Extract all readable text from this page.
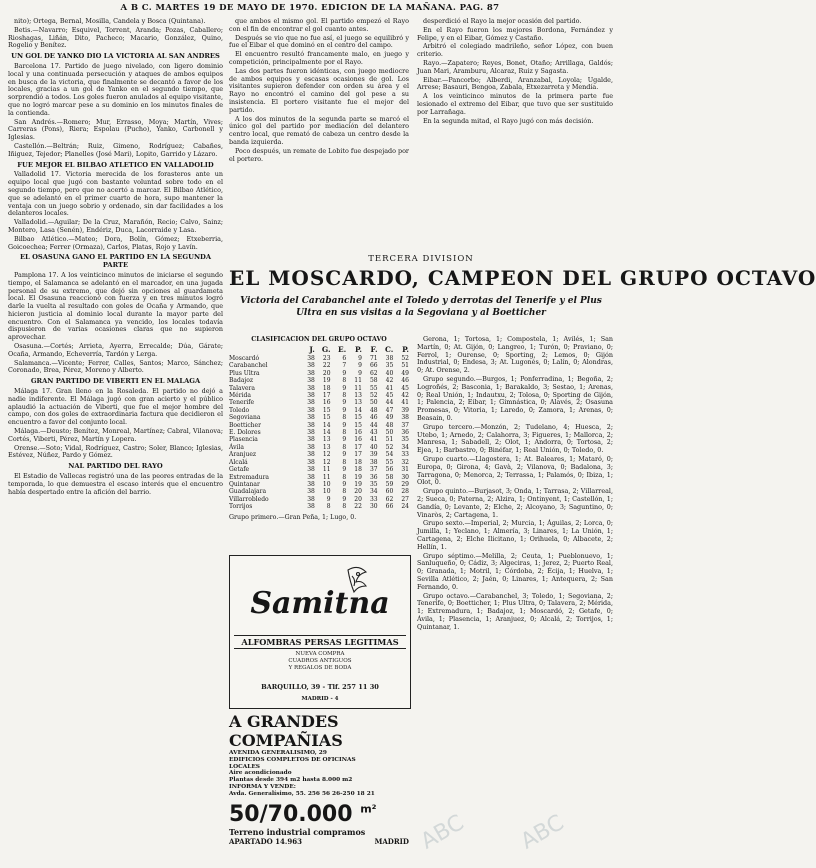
A B C. MARTES 19 DE MAYO DE 1970. EDICION DE LA MAÑANA. PAG. 87

nito); Ortega, Bernal, Mosilla, Candela y Bosca (Quintana).

Betis.—Navarro; Esquivel, Torrent, Aranda; Pozas, Caballero; Rioshagas, Liñán, Dito, Pacheco; Macario, González, Quino, Rogelio y Benítez.

UN GOL DE YANKO DIO LA VICTORIA AL SAN ANDRES

Barcelona 17. Partido de juego nivelado, con ligero dominio local y una continuada persecución y ataques de ambos equipos en busca de la victoria, que finalmente se decantó a favor de los locales, gracias a un gol de Yanko en el segundo tiempo, que sorprendió a todos. Los goles fueron anulados al equipo visitante, que no logró marcar pese a su dominio en los minutos finales de la contienda.

San Andrés.—Romero; Mur, Errasso, Moya; Martín, Vives; Carreras (Pons), Riera; Espolau (Pucho), Yanko, Carbonell y Iglesias.

Castellón.—Beltrán; Ruiz, Gimeno, Rodríguez; Cabañes, Iñiguez, Tejedor; Planelles (José Mari), Lopito, Garrido y Lázaro.

FUE MEJOR EL BILBAO ATLETICO EN VALLADOLID

Valladolid 17. Victoria merecida de los forasteros ante un equipo local que jugó con bastante voluntad sobre todo en el segundo tiempo, pero que no acertó a marcar. El Bilbao Atlético, que se adelantó en el primer cuarto de hora, supo mantener la ventaja con un juego sobrio y ordenado, sin dar facilidades a los delanteros locales.

Valladolid.—Aguilar; De la Cruz, Marañón, Recio; Calvo, Sainz; Montero, Lasa (Senén), Endériz, Duca, Lacorraide y Lasa.

Bilbao Atlético.—Mateo; Dora, Bolín, Gómez; Etxeberria, Goicoechea; Ferrer (Ormaza), Carlos, Platas, Rojo y Lavín.

EL OSASUNA GANO EL PARTIDO EN LA SEGUNDA PARTE

Pamplona 17. A los veinticinco minutos de iniciarse el segundo tiempo, el Salamanca se adelantó en el marcador, en una jugada personal de su extremo, que dejó sin opciones al guardameta local. El Osasuna reaccionó con fuerza y en tres minutos logró darle la vuelta al resultado con goles de Ocaña y Armando, que hicieron justicia al dominio local durante la mayor parte del encuentro. Con el Salamanca ya vencido, los locales todavía dispusieron de varias ocasiones claras que no supieron aprovechar.

Osasuna.—Cortés; Arrieta, Ayerra, Errecalde; Dúa, Gárate; Ocaña, Armando, Echeverría, Tardón y Lerga.

Salamanca.—Vicente; Ferrer, Calles, Santos; Marco, Sánchez; Coronado, Brea, Pérez, Moreno y Alberto.

GRAN PARTIDO DE VIBERTI EN EL MALAGA

Málaga 17. Gran lleno en la Rosaleda. El partido no dejó a nadie indiferente. El Málaga jugó con gran acierto y el público aplaudió la actuación de Viberti, que fue el mejor hombre del campo, con dos goles de extraordinaria factura que decidieron el encuentro a favor del conjunto local.

Málaga.—Deusto; Benítez, Monreal, Martínez; Cabral, Vilanova; Cortés, Viberti, Pérez, Martín y Lopera.

Orense.—Soto; Vidal, Rodríguez, Castro; Soler, Blanco; Iglesias, Estévez, Núñez, Pardo y Gómez.

NAL PARTIDO DEL RAYO

El Estadio de Vallecas registró una de las peores entradas de la temporada, lo que demuestra el escaso interés que el encuentro había despertado entre la afición del barrio.

que ambos el mismo gol. El partido empezó el Rayo con el fin de encontrar el gol cuanto antes.

Después se vio que no fue así, el juego se equilibró y fue el Eibar el que dominó en el centro del campo.

El encuentro resultó francamente malo, en juego y competición, principalmente por el Rayo.

Las dos partes fueron idénticas, con juego mediocre de ambos equipos y escasas ocasiones de gol. Los visitantes supieron defender con orden su área y el Rayo no encontró el camino del gol pese a su insistencia. El portero visitante fue el mejor del partido.

A los dos minutos de la segunda parte se marcó el único gol del partido por mediación del delantero centro local, que remató de cabeza un centro desde la banda izquierda.

Poco después, un remate de Lobito fue despejado por el portero.

desperdició el Rayo la mejor ocasión del partido.

En el Rayo fueron los mejores Bordona, Fernández y Felipe, y en el Eibar, Gómez y Castaño.

Arbitró el colegiado madrileño, señor López, con buen criterio.

Rayo.—Zapatero; Reyes, Bonet, Otaño; Arrillaga, Galdós; Juan Mari, Aramburu, Alcaraz, Ruiz y Sagasta.

Eibar.—Pancorbo; Alberdi, Aranzabal, Loyola; Ugalde, Arrese; Basauri, Bengoa, Zabala, Etxezarreta y Mendía.

A los veinticinco minutos de la primera parte fue lesionado el extremo del Eibar, que tuvo que ser sustituido por Larrañaga.

En la segunda mitad, el Rayo jugó con más decisión.

TERCERA DIVISION
EL MOSCARDO, CAMPEON DEL GRUPO OCTAVO
Victoria del Carabanchel ante el Toledo y derrotas del Tenerife y el Plus Ultra en sus visitas a la Segoviana y al Boetticher
CLASIFICACION DEL GRUPO OCTAVO
J. G.	E.	P.	F. C.	P.
Moscardó	38	23	6	9	71	38	52
Carabanchel	38	22	7	9	66	35	51
Plus Ultra	38	20	9	9	62	40	49
Badajoz	38	19	8	11	58	42	46
Talavera	38	18	9	11	55	41	45
Mérida	38	17	8	13	52	45	42
Tenerife	38	16	9	13	50	44	41
Toledo	38	15	9	14	48	47	39
Segoviana	38	15	8	15	46	49	38
Boetticher	38	14	9	15	44	48	37
E. Dolores	38	14	8	16	43	50	36
Plasencia	38	13	9	16	41	51	35
Ávila	38	13	8	17	40	52	34
Aranjuez	38	12	9	17	39	54	33
Alcalá	38	12	8	18	38	55	32
Getafe	38	11	9	18	37	56	31
Extremadura	38	11	8	19	36	58	30
Quintanar	38	10	9	19	35	59	29
Guadalajara	38	10	8	20	34	60	28
Villarrobledo	38	9	9	20	33	62	27
Torrijos	38	8	8	22	30	66	24
Grupo primero.—Gran Peña, 1; Lugo, 0.

Gerona, 1; Tortosa, 1; Compostela, 1; Avilés, 1; San Martín, 0; At. Gijón, 0; Langreo, 1; Turón, 0; Praviano, 0; Ferrol, 1; Ourense, 0; Sporting, 2; Lemos, 0; Gijón Industrial, 0; Endesa, 3; At. Lugonés, 0; Lalín, 0; Alondras, 0; At. Orense, 2.

Grupo segundo.—Burgos, 1; Ponferradina, 1; Begoña, 2; Logroñés, 2; Basconia, 1; Barakaldo, 3; Sestao, 1; Arenas, 0; Real Unión, 1; Indautxu, 2; Tolosa, 0; Sporting de Gijón, 1; Palencia, 2; Eibar, 1; Gimnástica, 0; Alavés, 2; Osasuna Promesas, 0; Vitoria, 1; Laredo, 0; Zamora, 1; Arenas, 0; Beasain, 0.

Grupo tercero.—Monzón, 2; Tudelano, 4; Huesca, 2; Utebo, 1; Arnedo, 2; Calahorra, 3; Figueres, 1; Mallorca, 2; Manresa, 1; Sabadell, 2; Olot, 1; Andorra, 0; Tortosa, 2; Ejea, 1; Barbastro, 0; Binéfar, 1; Real Unión, 0; Toledo, 0.

Grupo cuarto.—Llagostera, 1; At. Baleares, 1; Mataró, 0; Europa, 0; Girona, 4; Gavà, 2; Vilanova, 0; Badalona, 3; Tarragona, 0; Menorca, 2; Terrassa, 1; Palamós, 0; Ibiza, 1; Olot, 0.

Grupo quinto.—Burjasot, 3; Onda, 1; Tarrasa, 2; Villarreal, 2; Sueca, 0; Paterna, 2; Alzira, 1; Ontinyent, 1; Castellón, 1; Gandía, 0; Levante, 2; Elche, 2; Alcoyano, 3; Saguntino, 0; Vinaròs, 2; Cartagena, 1.

Grupo sexto.—Imperial, 2; Murcia, 1; Águilas, 2; Lorca, 0; Jumilla, 1; Yeclano, 1; Almería, 3; Linares, 1; La Unión, 1; Cartagena, 2; Elche Ilicitano, 1; Orihuela, 0; Albacete, 2; Hellín, 1.

Grupo séptimo.—Melilla, 2; Ceuta, 1; Pueblonuevo, 1; Sanluqueño, 0; Cádiz, 3; Algeciras, 1; Jerez, 2; Puerto Real, 0; Granada, 1; Motril, 1; Córdoba, 2; Écija, 1; Huelva, 1; Sevilla Atlético, 2; Jaén, 0; Linares, 1; Antequera, 2; San Fernando, 0.

Grupo octavo.—Carabanchel, 3; Toledo, 1; Segoviana, 2; Tenerife, 0; Boetticher, 1; Plus Ultra, 0; Talavera, 2; Mérida, 1; Extremadura, 1; Badajoz, 1; Moscardó, 2; Getafe, 0; Ávila, 1; Plasencia, 1; Aranjuez, 0; Alcalá, 2; Torrijos, 1; Quintanar, 1.

Samitna
ALFOMBRAS PERSAS LEGITIMAS
NUEVA COMPRA
CUADROS ANTIGUOS
Y REGALOS DE BODA
BARQUILLO, 39 - Tlf. 257 11 30
MADRID - 4
A GRANDES COMPAÑIAS
AVENIDA GENERALISIMO, 29
EDIFICIOS COMPLETOS DE OFICINAS
LOCALES
Aire acondicionado
Plantas desde 394 m2 hasta 8.000 m2
INFORMA Y VENDE:
Avda. Generalísimo, 55. 256 56 26-250 18 21
50/70.000 $^{m^2}$
Terreno industrial compramos
APARTADO 14.963	MADRID ABC ABC
